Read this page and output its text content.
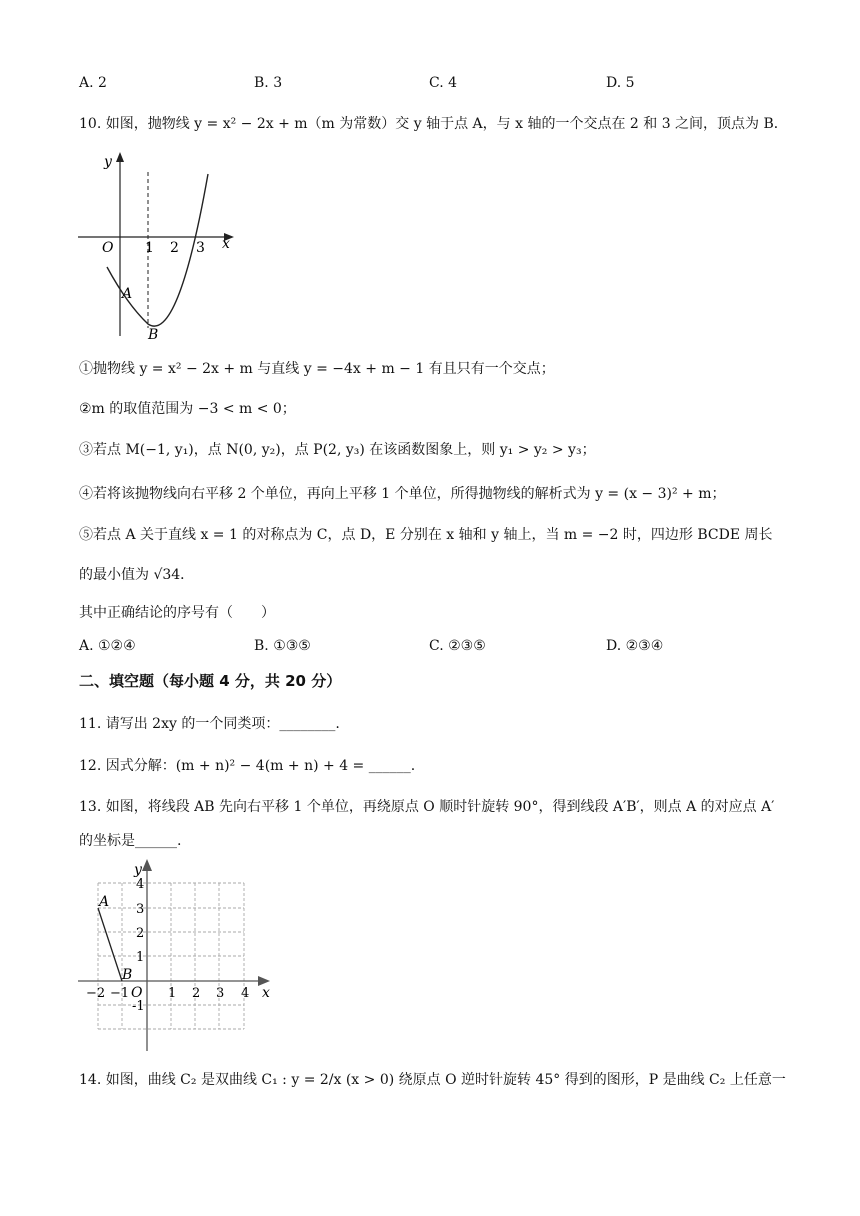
A. 2	B. 3	C. 4	D. 5
10. 如图，抛物线 y = x² − 2x + m（m 为常数）交 y 轴于点 A，与 x 轴的一个交点在 2 和 3 之间，顶点为 B．
y
x
O 1 2 3
A
B
①抛物线 y = x² − 2x + m 与直线 y = −4x + m − 1 有且只有一个交点；
②m 的取值范围为 −3 < m < 0；
③若点 M(−1, y₁)，点 N(0, y₂)，点 P(2, y₃) 在该函数图象上，则 y₁ > y₂ > y₃；
④若将该抛物线向右平移 2 个单位，再向上平移 1 个单位，所得抛物线的解析式为 y = (x − 3)² + m；
⑤若点 A 关于直线 x = 1 的对称点为 C，点 D，E 分别在 x 轴和 y 轴上，当 m = −2 时，四边形 BCDE 周长
的最小值为 √34．
其中正确结论的序号有（　　）
A. ①②④	B. ①③⑤	C. ②③⑤	D. ②③④
二、填空题（每小题 4 分，共 20 分）
11. 请写出 2xy 的一个同类项：________.
12. 因式分解：(m + n)² − 4(m + n) + 4 = ______.
13. 如图，将线段 AB 先向右平移 1 个单位，再绕原点 O 顺时针旋转 90°，得到线段 A′B′，则点 A 的对应点 A′
的坐标是______.
y
x
A
B
O
−2 −1	1 2 3 4
4
3
2
1
-1
14. 如图，曲线 C₂ 是双曲线 C₁ : y = 2/x (x > 0) 绕原点 O 逆时针旋转 45° 得到的图形，P 是曲线 C₂ 上任意一
